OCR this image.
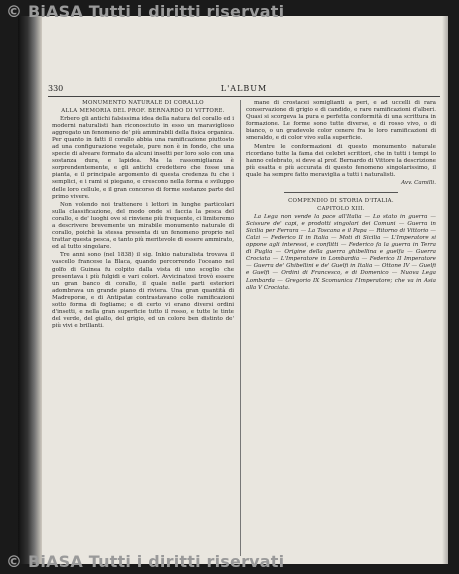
© BiASA Tutti i diritti riservati
330	L'ALBUM

MONUMENTO NATURALE DI CORALLO

ALLA MEMORIA DEL PROF. BERNARDO DI VITTORE.

Erbero gli antichi falsissima idea della natura del corallo ed i moderni naturalisti han riconosciuto in esso un maraviglioso aggregato un fenomeno de' più ammirabili della fisica organica. Per quanto in fatti il corallo abbia una ramificazione piuttosto ad una configurazione vegetale, pure non è in fondo, che una specie di alveare formato da alcuni insetti per loro solo con una sostanza dura, e lapidea. Ma la rassomiglianza è sorprendentemente, e gli antichi credettero che fosse una pianta, e il principale argomento di questa credenza fu che i semplici, e i rami si piegano, e crescono nella forma e sviluppo delle loro cellule, e il gran concorso di forme sostanze parte del primo vivere.

Non volendo noi trattenere i lettori in lunghe particolari sulla classificazione, del modo onde si faccia la pesca del corallo, e de' luoghi ove si rinviene più frequente, ci limiteremo a descrivere brevemente un mirabile monumento naturale di corallo, poichè la stessa presenta di un fenomeno proprio nel trattar questa pesca, e tanto più meritevole di essere ammirato, ed al tutto singolare.

Tre anni sono (nel 1838) il sig. Inkio naturalista trovava il vascello francese la Blaca, quando percorrendo l'oceano nel golfo di Guinea fu colpito dalla vista di uno scoglio che presentava i più fulgidi e vari colori. Avvicinatosi trovò essere un gran banco di corallo, il quale nelle parti esteriori adombrava un grande piano di riviera. Una gran quantità di Madreporæ, e di Antipatæ contrastavano colle ramificazioni sotto forma di fogliame; e di certo vi erano diversi ordini d'insetti, e nella gran superficie tutto il rosso, e tutte le tinte del verde, del giallo, del grigio, ed un colore ben distinto de' più vivi e brillanti.

mane di crostacei somiglianti a peri, e ad uccelli di rara conservazione di grigio e di candido, e rare ramificazioni d'alberi. Quasi si scorgeva la pura e perfetta conformità di una scrittura in formazione. Le forme sono tutte diverse, e di rosso vivo, o di bianco, o un gradevole color cenere fra le loro ramificazioni di smeraldo, e di color vivo sulla superficie.

Mentre le conformazioni di questo monumento naturale ricordano tutte la fama dei celebri scrittori, che in tutti i tempi lo hanno celebrato, si deve al prof. Bernardo di Vittore la descrizione più esatta e più accurata di questo fenomeno singolarissimo, il quale ha sempre fatto meraviglia a tutti i naturalisti.

Avv. Camilli.

COMPENDIO DI STORIA D'ITALIA.

CAPITOLO XIII.

La Lega non vende la pace all'Italia — Lo stato in guerra — Scissure de' capi, e prodotti singolari dei Comuni — Guerra in Sicilia per Ferrara — La Toscana e il Papa — Ritorno di Vittorio — Calzi — Federico II in Italia — Moti di Sicilia — L'Imperatore si oppone agli interessi, e conflitti — Federico fa la guerra in Terra di Puglia — Origine della guerra ghibellina e guelfa — Guerra Crociata — L'Imperatore in Lombardia — Federico II Imperatore — Guerra de' Ghibellini e de' Guelfi in Italia — Ottone IV — Guelfi e Guelfi — Ordini di Francesco, e di Domenico — Nuova Lega Lombarda — Gregorio IX Scomunica l'Imperatore; che va in Asia alla V Crociata.

© BiASA Tutti i diritti riservati
